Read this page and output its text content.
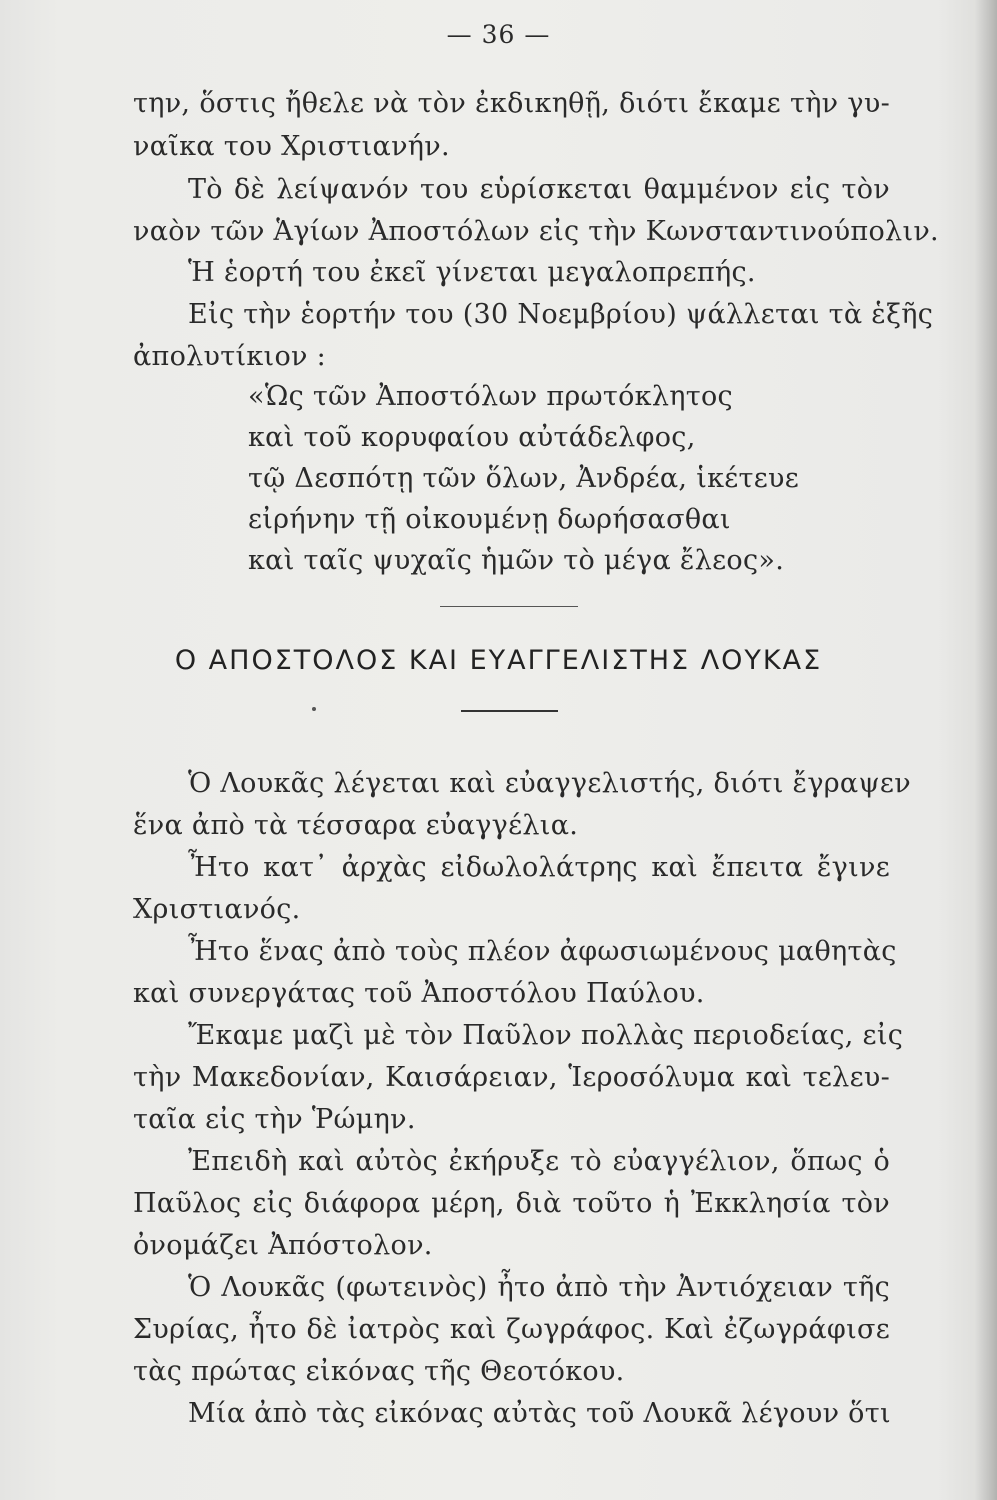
— 36 —
την, ὅστις ἤθελε νὰ τὸν ἐκδικηθῇ, διότι ἔκαμε τὴν γυ-
ναῖκα του Χριστιανήν.
Τὸ δὲ λείψανόν του εὑρίσκεται θαμμένον εἰς τὸν
ναὸν τῶν Ἁγίων Ἀποστόλων εἰς τὴν Κωνσταντινούπολιν.
Ἡ ἑορτή του ἐκεῖ γίνεται μεγαλοπρεπής.
Εἰς τὴν ἑορτήν του (30 Νοεμβρίου) ψάλλεται τὰ ἑξῆς
ἀπολυτίκιον :
«Ὡς τῶν Ἀποστόλων πρωτόκλητος
καὶ τοῦ κορυφαίου αὐτάδελφος,
τῷ Δεσπότῃ τῶν ὅλων, Ἀνδρέα, ἱκέτευε
εἰρήνην τῇ οἰκουμένῃ δωρήσασθαι
καὶ ταῖς ψυχαῖς ἡμῶν τὸ μέγα ἔλεος».
Ο ΑΠΟΣΤΟΛΟΣ ΚΑΙ ΕΥΑΓΓΕΛΙΣΤΗΣ ΛΟΥΚΑΣ
Ὁ Λουκᾶς λέγεται καὶ εὐαγγελιστής, διότι ἔγραψεν
ἕνα ἀπὸ τὰ τέσσαρα εὐαγγέλια.
Ἦτο κατ᾿ ἀρχὰς εἰδωλολάτρης καὶ ἔπειτα ἔγινε
Χριστιανός.
Ἦτο ἕνας ἀπὸ τοὺς πλέον ἀφωσιωμένους μαθητὰς
καὶ συνεργάτας τοῦ Ἀποστόλου Παύλου.
Ἔκαμε μαζὶ μὲ τὸν Παῦλον πολλὰς περιοδείας, εἰς
τὴν Μακεδονίαν, Καισάρειαν, Ἱεροσόλυμα καὶ τελευ-
ταῖα εἰς τὴν Ῥώμην.
Ἐπειδὴ καὶ αὐτὸς ἐκήρυξε τὸ εὐαγγέλιον, ὅπως ὁ
Παῦλος εἰς διάφορα μέρη, διὰ τοῦτο ἡ Ἐκκλησία τὸν
ὀνομάζει Ἀπόστολον.
Ὁ Λουκᾶς (φωτεινὸς) ἦτο ἀπὸ τὴν Ἀντιόχειαν τῆς
Συρίας, ἦτο δὲ ἰατρὸς καὶ ζωγράφος. Καὶ ἐζωγράφισε
τὰς πρώτας εἰκόνας τῆς Θεοτόκου.
Μία ἀπὸ τὰς εἰκόνας αὐτὰς τοῦ Λουκᾶ λέγουν ὅτι
